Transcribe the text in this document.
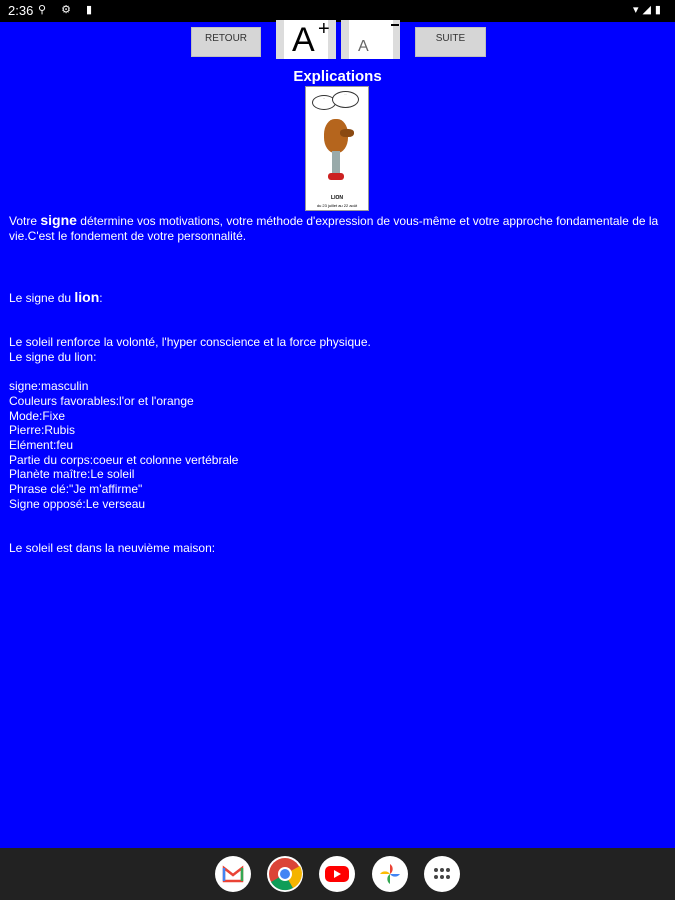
2:36 ⚲ ⚙ ▮	▾◢▮
RETOUR	A +
A	SUITE
Explications
...
...
LION
du 23 juillet au 22 août
Votre signe détermine vos motivations, votre méthode d'expression de vous-même et votre approche fondamentale de la vie.C'est le fondement de votre personnalité.
Le signe du lion:
Le soleil renforce la volonté, l'hyper conscience et la force physique.
Le signe du lion:

signe:masculin
Couleurs favorables:l'or et l'orange
Mode:Fixe
Pierre:Rubis
Elément:feu
Partie du corps:coeur et colonne vertébrale
Planète maître:Le soleil
Phrase clé:"Je m'affirme"
Signe opposé:Le verseau

Le soleil est dans la neuvième maison:
